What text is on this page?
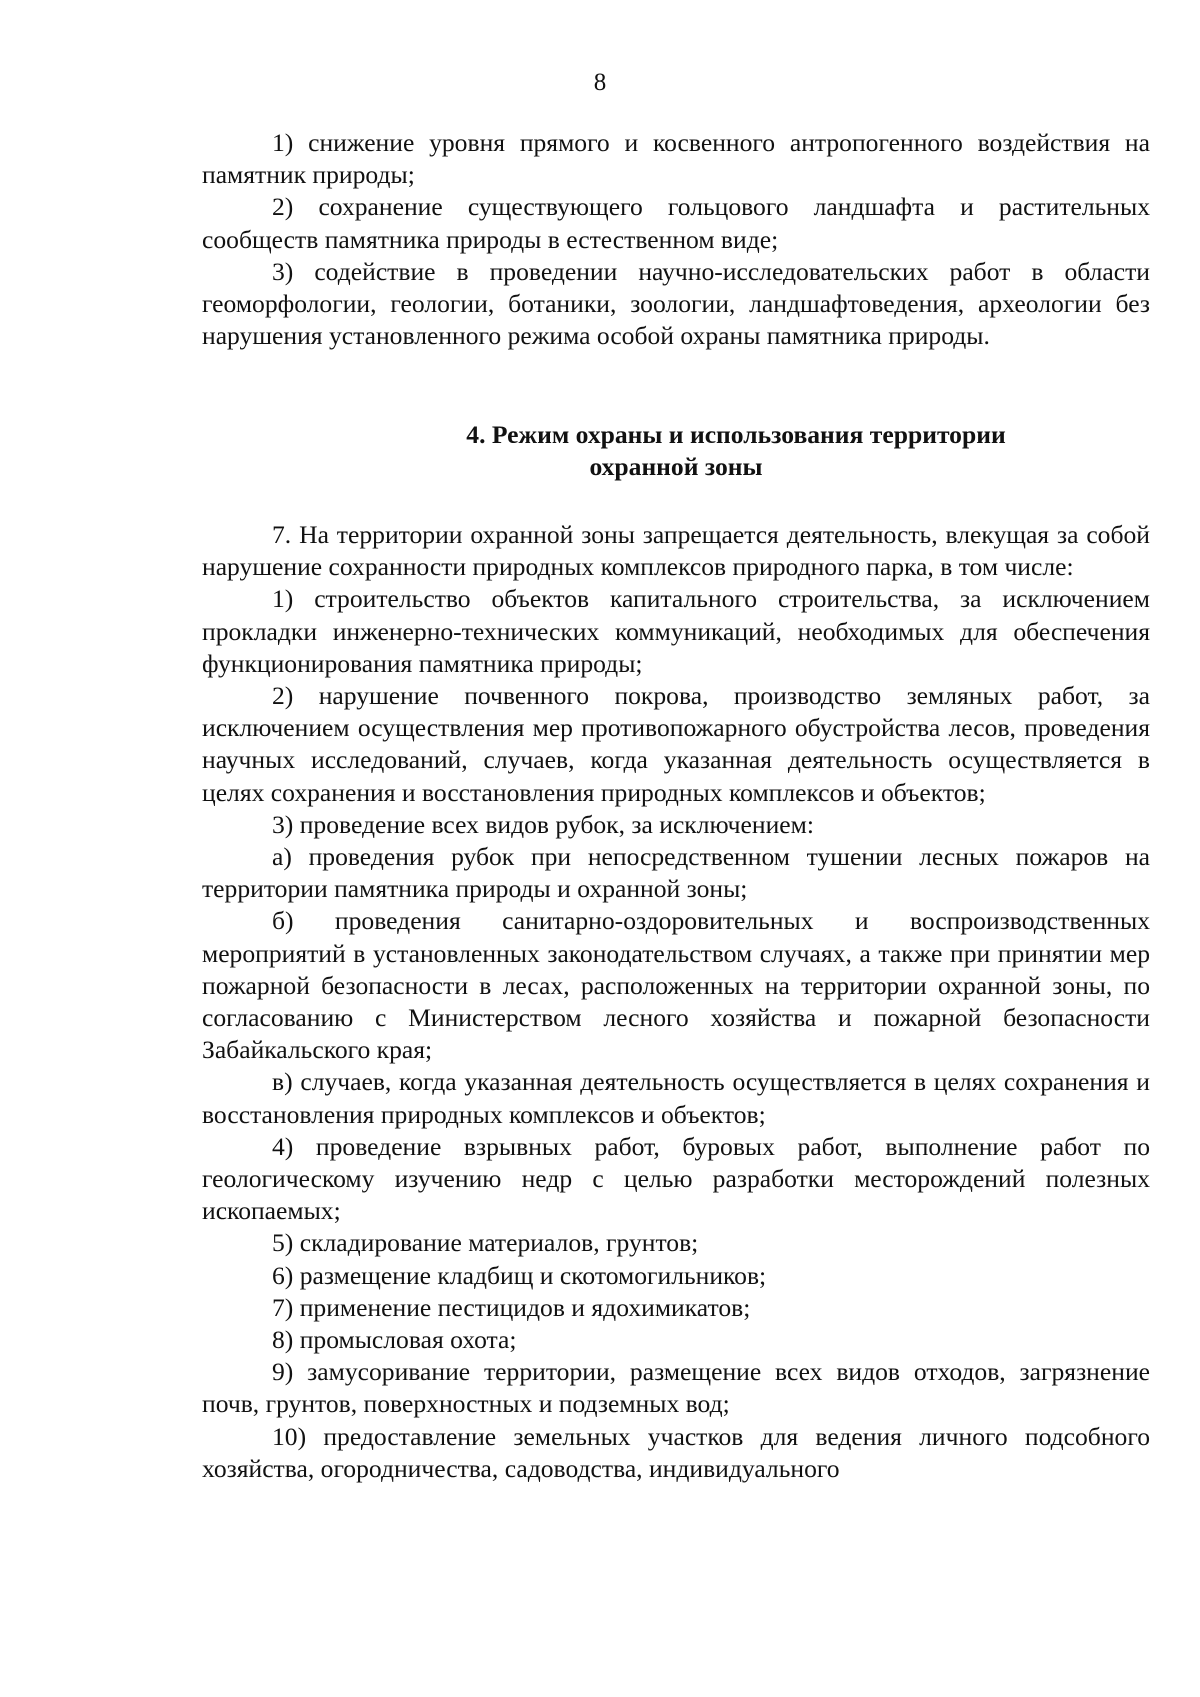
8

1) снижение уровня прямого и косвенного антропогенного воздействия на памятник природы;

2) сохранение существующего гольцового ландшафта и растительных сообществ памятника природы в естественном виде;

3) содействие в проведении научно-исследовательских работ в области геоморфологии, геологии, ботаники, зоологии, ландшафтоведения, археологии без нарушения установленного режима особой охраны памятника природы.

4. Режим охраны и использования территории
охранной зоны

7. На территории охранной зоны запрещается деятельность, влекущая за собой нарушение сохранности природных комплексов природного парка, в том числе:

1) строительство объектов капитального строительства, за исключением прокладки инженерно-технических коммуникаций, необходимых для обеспечения функционирования памятника природы;

2) нарушение почвенного покрова, производство земляных работ, за исключением осуществления мер противопожарного обустройства лесов, проведения научных исследований, случаев, когда указанная деятельность осуществляется в целях сохранения и восстановления природных комплексов и объектов;

3) проведение всех видов рубок, за исключением:

а) проведения рубок при непосредственном тушении лесных пожаров на территории памятника природы и охранной зоны;

б) проведения санитарно-оздоровительных и воспроизводственных мероприятий в установленных законодательством случаях, а также при принятии мер пожарной безопасности в лесах, расположенных на территории охранной зоны, по согласованию с Министерством лесного хозяйства и пожарной безопасности Забайкальского края;

в) случаев, когда указанная деятельность осуществляется в целях сохранения и восстановления природных комплексов и объектов;

4) проведение взрывных работ, буровых работ, выполнение работ по геологическому изучению недр с целью разработки месторождений полезных ископаемых;

5) складирование материалов, грунтов;

6) размещение кладбищ и скотомогильников;

7) применение пестицидов и ядохимикатов;

8) промысловая охота;

9) замусоривание территории, размещение всех видов отходов, загрязнение почв, грунтов, поверхностных и подземных вод;

10) предоставление земельных участков для ведения личного подсобного хозяйства, огородничества, садоводства, индивидуального
